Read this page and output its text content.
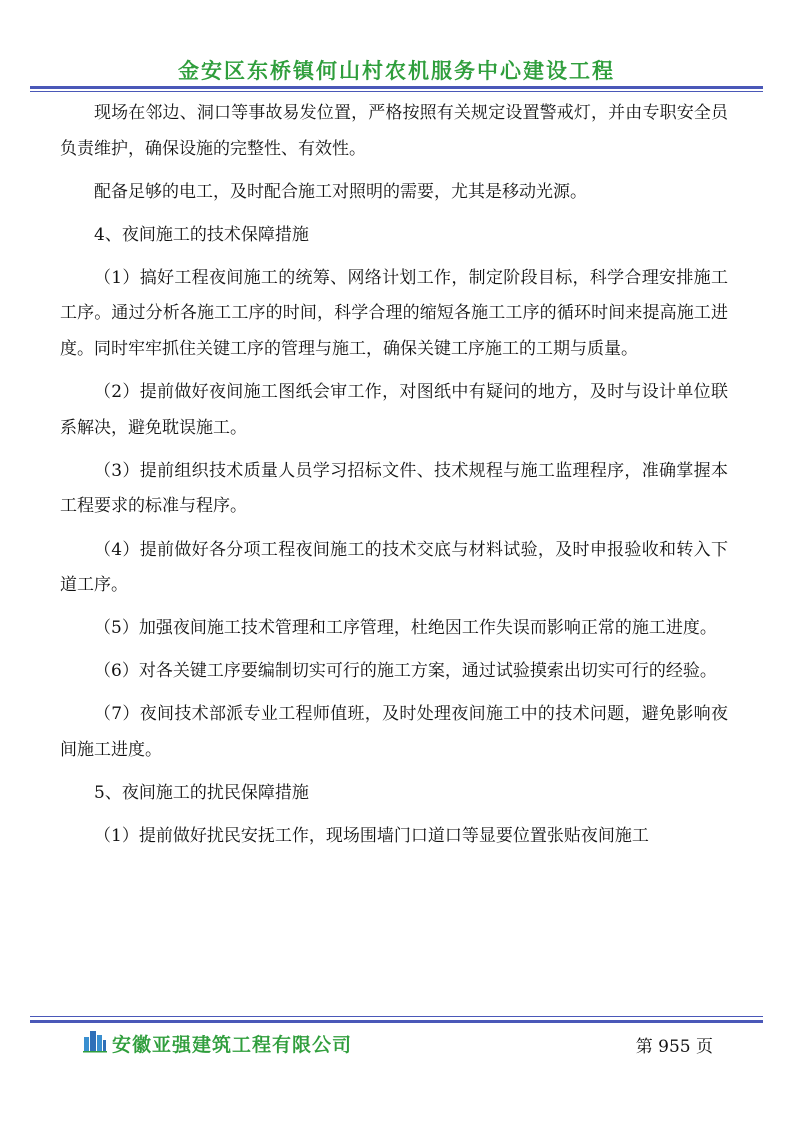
金安区东桥镇何山村农机服务中心建设工程

现场在邻边、洞口等事故易发位置，严格按照有关规定设置警戒灯，并由专职安全员负责维护，确保设施的完整性、有效性。

配备足够的电工，及时配合施工对照明的需要，尤其是移动光源。

4、夜间施工的技术保障措施

（1）搞好工程夜间施工的统筹、网络计划工作，制定阶段目标，科学合理安排施工工序。通过分析各施工工序的时间，科学合理的缩短各施工工序的循环时间来提高施工进度。同时牢牢抓住关键工序的管理与施工，确保关键工序施工的工期与质量。

（2）提前做好夜间施工图纸会审工作，对图纸中有疑问的地方，及时与设计单位联系解决，避免耽误施工。

（3）提前组织技术质量人员学习招标文件、技术规程与施工监理程序，准确掌握本工程要求的标准与程序。

（4）提前做好各分项工程夜间施工的技术交底与材料试验，及时申报验收和转入下道工序。

（5）加强夜间施工技术管理和工序管理，杜绝因工作失误而影响正常的施工进度。

（6）对各关键工序要编制切实可行的施工方案，通过试验摸索出切实可行的经验。

（7）夜间技术部派专业工程师值班，及时处理夜间施工中的技术问题，避免影响夜间施工进度。

5、夜间施工的扰民保障措施

（1）提前做好扰民安抚工作，现场围墙门口道口等显要位置张贴夜间施工

安徽亚强建筑工程有限公司	第 955 页
